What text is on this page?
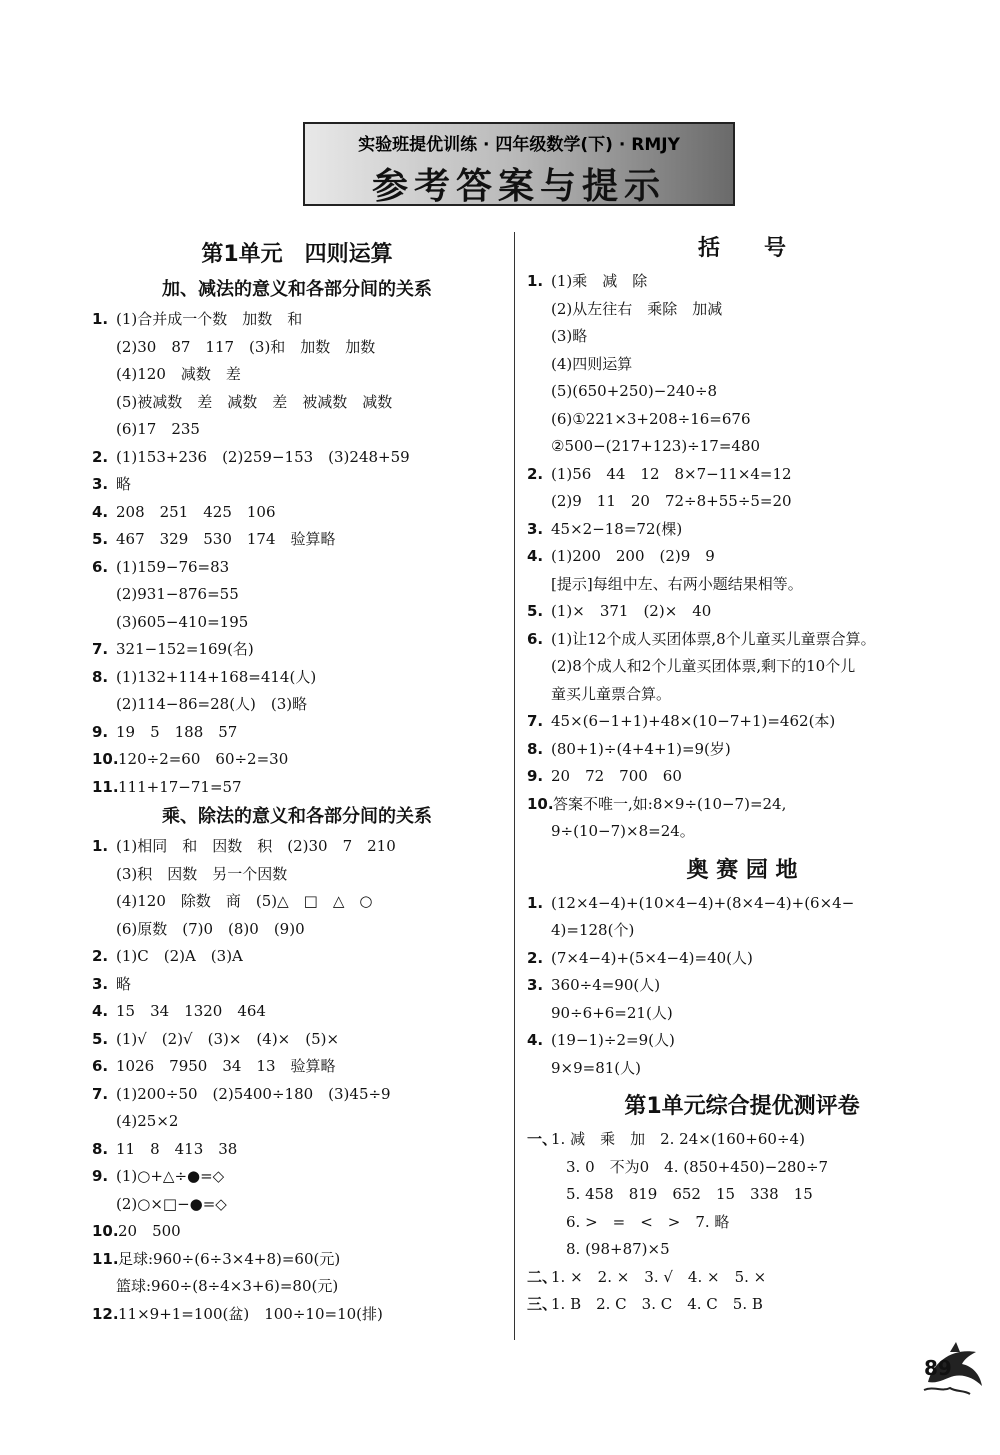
实验班提优训练 · 四年级数学(下) · RMJY
参考答案与提示
第1单元　四则运算
加、减法的意义和各部分间的关系
1. (1)合并成一个数　加数　和
(2)30　87　117　(3)和　加数　加数
(4)120　减数　差
(5)被减数　差　减数　差　被减数　减数
(6)17　235
2. (1)153+236　(2)259−153　(3)248+59
3. 略
4. 208　251　425　106
5. 467　329　530　174　验算略
6. (1)159−76=83
(2)931−876=55
(3)605−410=195
7. 321−152=169(名)
8. (1)132+114+168=414(人)
(2)114−86=28(人)　(3)略
9. 19　5　188　57
10.120÷2=60　60÷2=30
11.111+17−71=57
乘、除法的意义和各部分间的关系
1. (1)相同　和　因数　积　(2)30　7　210
(3)积　因数　另一个因数
(4)120　除数　商　(5)△　□　△　○
(6)原数　(7)0　(8)0　(9)0
2. (1)C　(2)A　(3)A
3. 略
4. 15　34　1320　464
5. (1)√　(2)√　(3)×　(4)×　(5)×
6. 1026　7950　34　13　验算略
7. (1)200÷50　(2)5400÷180　(3)45÷9
(4)25×2
8. 11　8　413　38
9. (1)○+△÷●=◇
(2)○×□−●=◇
10.20　500
11.足球:960÷(6÷3×4+8)=60(元)
篮球:960÷(8÷4×3+6)=80(元)
12.11×9+1=100(盆)　100÷10=10(排)
括　　号
1. (1)乘　减　除
(2)从左往右　乘除　加减
(3)略
(4)四则运算
(5)(650+250)−240÷8
(6)①221×3+208÷16=676
②500−(217+123)÷17=480
2. (1)56　44　12　8×7−11×4=12
(2)9　11　20　72÷8+55÷5=20
3. 45×2−18=72(棵)
4. (1)200　200　(2)9　9
[提示]每组中左、右两小题结果相等。
5. (1)×　371　(2)×　40
6. (1)让12个成人买团体票,8个儿童买儿童票合算。
(2)8个成人和2个儿童买团体票,剩下的10个儿
童买儿童票合算。
7. 45×(6−1+1)+48×(10−7+1)=462(本)
8. (80+1)÷(4+4+1)=9(岁)
9. 20　72　700　60
10.答案不唯一,如:8×9÷(10−7)=24,
9÷(10−7)×8=24。
奥 赛 园 地
1. (12×4−4)+(10×4−4)+(8×4−4)+(6×4−
4)=128(个)
2. (7×4−4)+(5×4−4)=40(人)
3. 360÷4=90(人)
90÷6+6=21(人)
4. (19−1)÷2=9(人)
9×9=81(人)
第1单元综合提优测评卷
一、1. 减　乘　加　2. 24×(160+60÷4)
　3. 0　不为0　4. (850+450)−280÷7
　5. 458　819　652　15　338　15
　6. >　=　<　>　7. 略
　8. (98+87)×5
二、1. ×　2. ×　3. √　4. ×　5. ×
三、1. B　2. C　3. C　4. C　5. B
89
